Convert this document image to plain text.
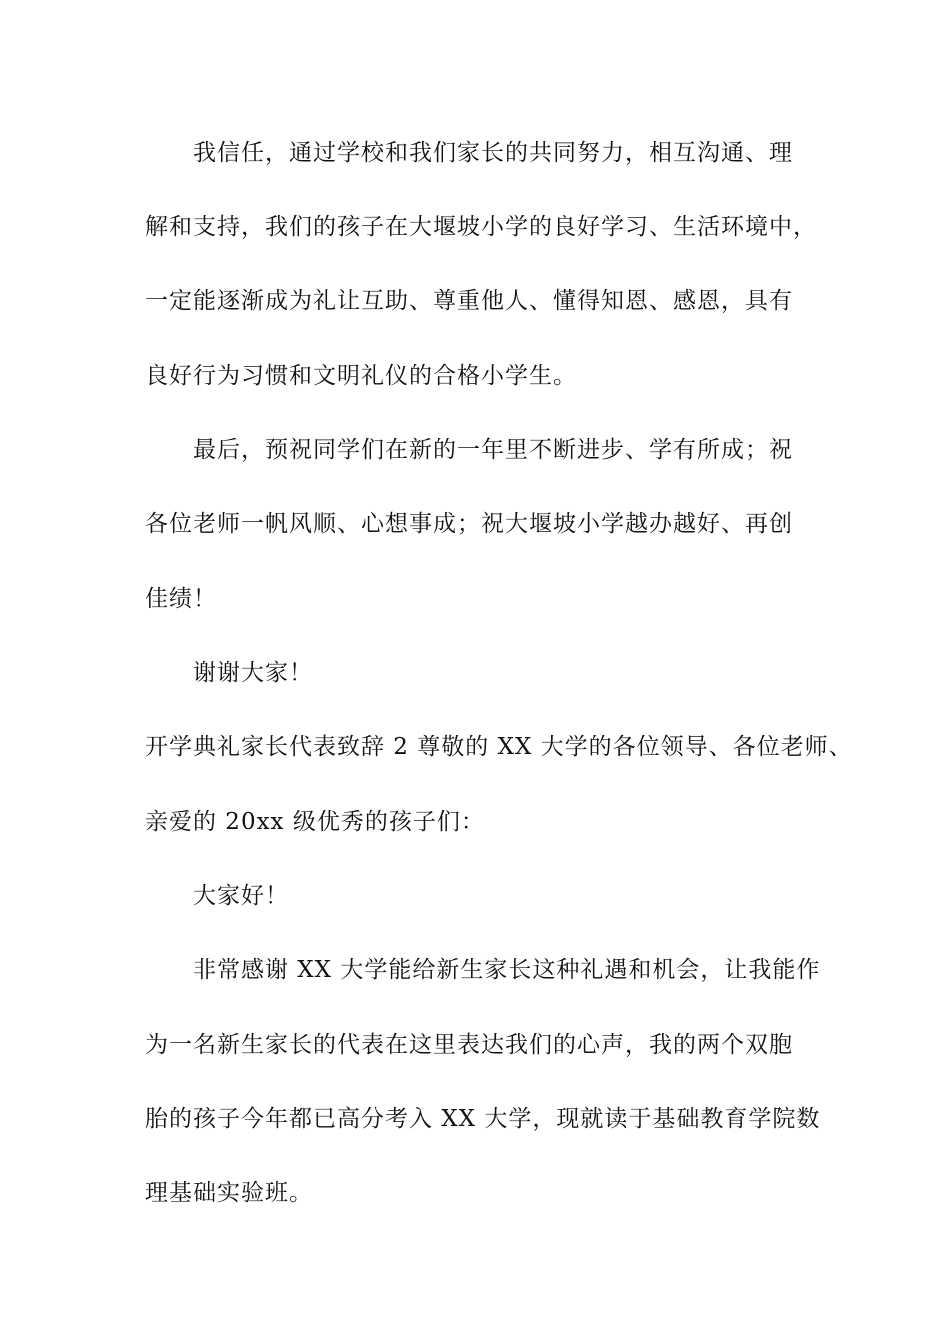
我信任，通过学校和我们家长的共同努力，相互沟通、理
解和支持，我们的孩子在大堰坡小学的良好学习、生活环境中，
一定能逐渐成为礼让互助、尊重他人、懂得知恩、感恩，具有
良好行为习惯和文明礼仪的合格小学生。
最后，预祝同学们在新的一年里不断进步、学有所成；祝
各位老师一帆风顺、心想事成；祝大堰坡小学越办越好、再创
佳绩！
谢谢大家！
开学典礼家长代表致辞 2 尊敬的 XX 大学的各位领导、各位老师、
亲爱的 20xx 级优秀的孩子们：
大家好！
非常感谢 XX 大学能给新生家长这种礼遇和机会，让我能作
为一名新生家长的代表在这里表达我们的心声，我的两个双胞
胎的孩子今年都已高分考入 XX 大学，现就读于基础教育学院数
理基础实验班。
